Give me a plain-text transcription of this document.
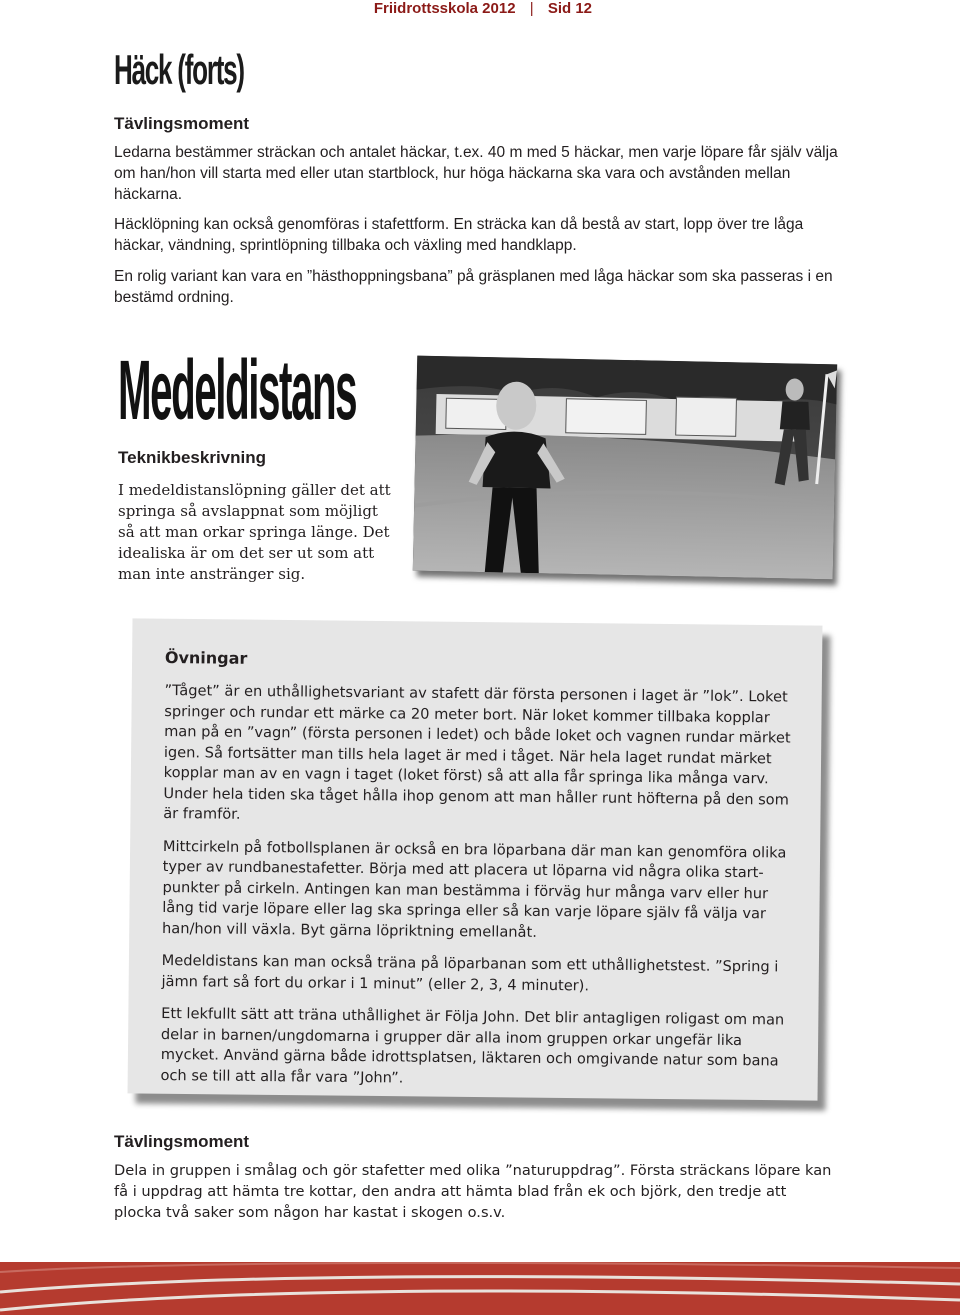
Friidrottsskola 2012 | Sid 12
Häck (forts)
Tävlingsmoment

Ledarna bestämmer sträckan och antalet häckar, t.ex. 40 m med 5 häckar, men varje löpare får själv välja om han/hon vill starta med eller utan startblock, hur höga häckarna ska vara och avstånden mellan häckarna.

Häcklöpning kan också genomföras i stafettform. En sträcka kan då bestå av start, lopp över tre låga häckar, vändning, sprintlöpning tillbaka och växling med handklapp.

En rolig variant kan vara en ”hästhoppningsbana” på gräsplanen med låga häckar som ska passeras i en bestämd ordning.

Medeldistans
Teknikbeskrivning

I medeldistanslöpning gäller det att springa så avslappnat som möjligt så att man orkar springa länge. Det idealiska är om det ser ut som att man inte anstränger sig.

Övningar

”Tåget” är en uthållighetsvariant av stafett där första personen i laget är ”lok”. Loket springer och rundar ett märke ca 20 meter bort. När loket kommer tillbaka kopplar man på en ”vagn” (första personen i ledet) och både loket och vagnen rundar märket igen. Så fortsätter man tills hela laget är med i tåget. När hela laget rundat märket kopplar man av en vagn i taget (loket först) så att alla får springa lika många varv. Under hela tiden ska tåget hålla ihop genom att man håller runt höfterna på den som är framför.

Mittcirkeln på fotbollsplanen är också en bra löparbana där man kan genomföra olika typer av rundbanestafetter. Börja med att placera ut löparna vid några olika start- punkter på cirkeln. Antingen kan man bestämma i förväg hur många varv eller hur lång tid varje löpare eller lag ska springa eller så kan varje löpare själv få välja var han/hon vill växla. Byt gärna löpriktning emellanåt.

Medeldistans kan man också träna på löparbanan som ett uthållighetstest. ”Spring i jämn fart så fort du orkar i 1 minut” (eller 2, 3, 4 minuter).

Ett lekfullt sätt att träna uthållighet är Följa John. Det blir antagligen roligast om man delar in barnen/ungdomarna i grupper där alla inom gruppen orkar ungefär lika mycket. Använd gärna både idrottsplatsen, läktaren och omgivande natur som bana och se till att alla får vara ”John”.

Tävlingsmoment

Dela in gruppen i smålag och gör stafetter med olika ”naturuppdrag”. Första sträckans löpare kan få i uppdrag att hämta tre kottar, den andra att hämta blad från ek och björk, den tredje att plocka två saker som någon har kastat i skogen o.s.v.
